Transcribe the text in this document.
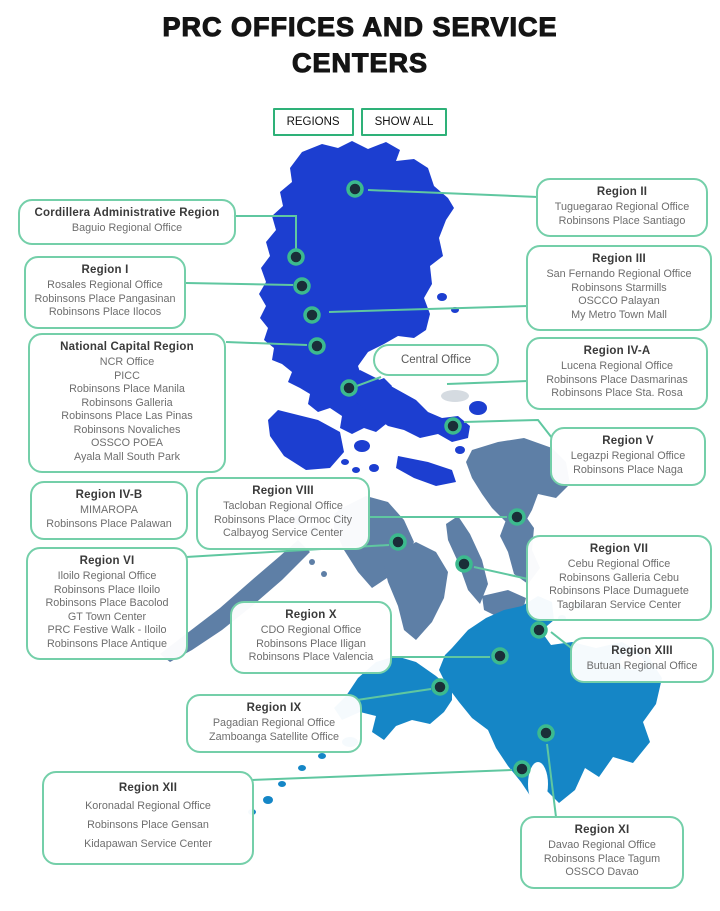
PRC OFFICES AND SERVICE CENTERS
REGIONS	SHOW ALL
Cordillera Administrative Region
Baguio Regional Office
Region I
Rosales Regional Office
Robinsons Place Pangasinan
Robinsons Place Ilocos
National Capital Region
NCR Office
PICC
Robinsons Place Manila
Robinsons Galleria
Robinsons Place Las Pinas
Robinsons Novaliches
OSSCO POEA
Ayala Mall South Park
Region IV-B
MIMAROPA
Robinsons Place Palawan
Region VI
Iloilo Regional Office
Robinsons Place Iloilo
Robinsons Place Bacolod
GT Town Center
PRC Festive Walk - Iloilo
Robinsons Place Antique
Region VIII
Tacloban Regional Office
Robinsons Place Ormoc City
Calbayog Service Center
Region X
CDO Regional Office
Robinsons Place Iligan
Robinsons Place Valencia
Region IX
Pagadian Regional Office
Zamboanga Satellite Office
Region XII
Koronadal Regional Office
Robinsons Place Gensan
Kidapawan Service Center
Region II
Tuguegarao Regional Office
Robinsons Place Santiago
Region III
San Fernando Regional Office
Robinsons Starmills
OSCCO Palayan
My Metro Town Mall
Region IV-A
Lucena Regional Office
Robinsons Place Dasmarinas
Robinsons Place Sta. Rosa
Region V
Legazpi Regional Office
Robinsons Place Naga
Region VII
Cebu Regional Office
Robinsons Galleria Cebu
Robinsons Place Dumaguete
Tagbilaran Service Center
Region XIII
Butuan Regional Office
Region XI
Davao Regional Office
Robinsons Place Tagum
OSSCO Davao
Central Office
